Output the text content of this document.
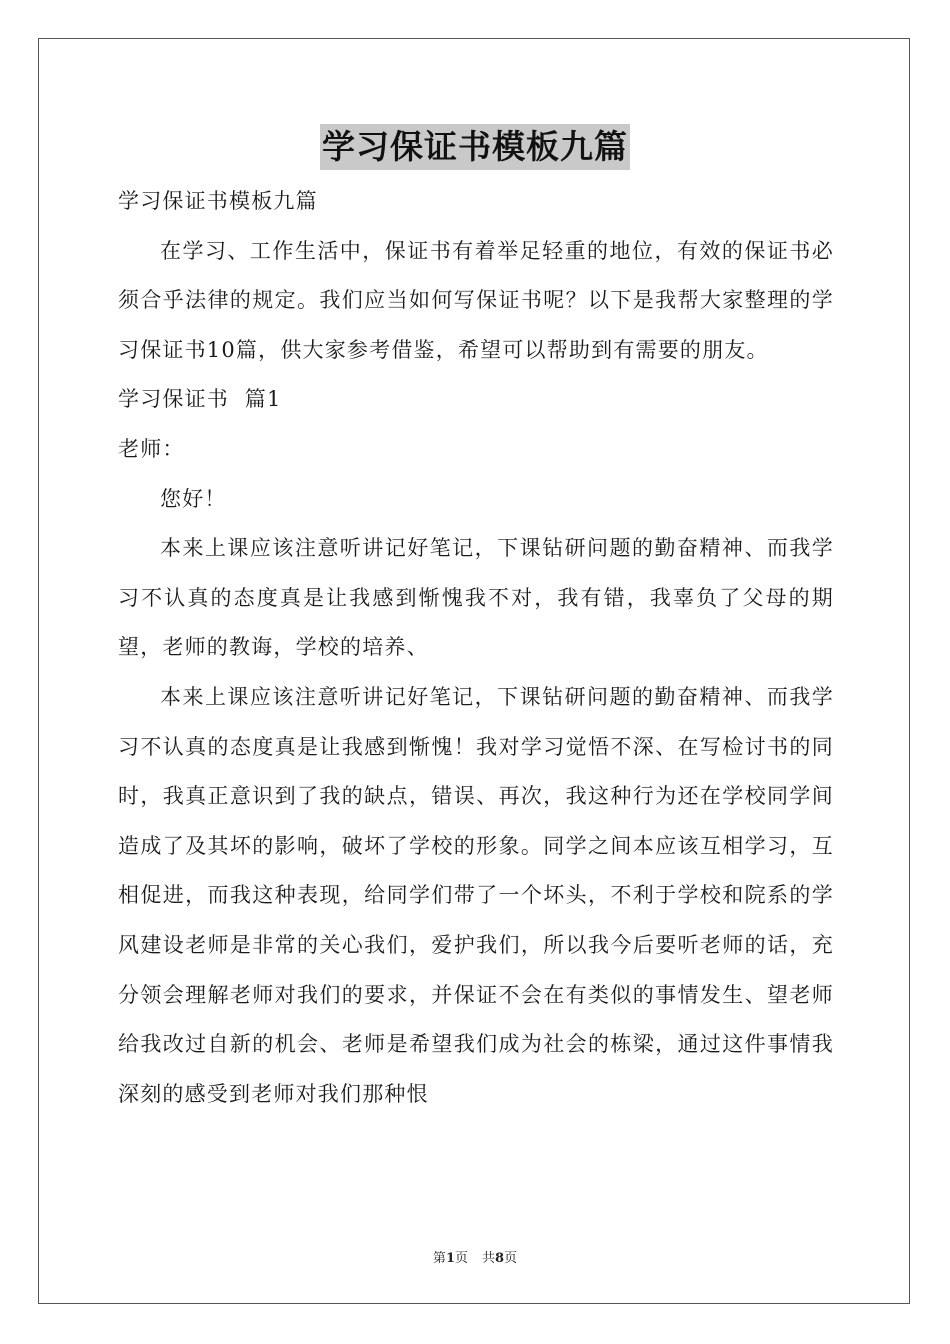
学习保证书模板九篇

学习保证书模板九篇

在学习、工作生活中，保证书有着举足轻重的地位，有效的保证书必须合乎法律的规定。我们应当如何写保证书呢？以下是我帮大家整理的学习保证书10篇，供大家参考借鉴，希望可以帮助到有需要的朋友。

学习保证书  篇1

老师：

您好！

本来上课应该注意听讲记好笔记，下课钻研问题的勤奋精神、而我学习不认真的态度真是让我感到惭愧我不对，我有错，我辜负了父母的期望，老师的教诲，学校的培养、

本来上课应该注意听讲记好笔记，下课钻研问题的勤奋精神、而我学习不认真的态度真是让我感到惭愧！我对学习觉悟不深、在写检讨书的同时，我真正意识到了我的缺点，错误、再次，我这种行为还在学校同学间造成了及其坏的影响，破坏了学校的形象。同学之间本应该互相学习，互相促进，而我这种表现，给同学们带了一个坏头，不利于学校和院系的学风建设老师是非常的关心我们，爱护我们，所以我今后要听老师的话，充分领会理解老师对我们的要求，并保证不会在有类似的事情发生、望老师给我改过自新的机会、老师是希望我们成为社会的栋梁，通过这件事情我深刻的感受到老师对我们那种恨

第1页 共8页
